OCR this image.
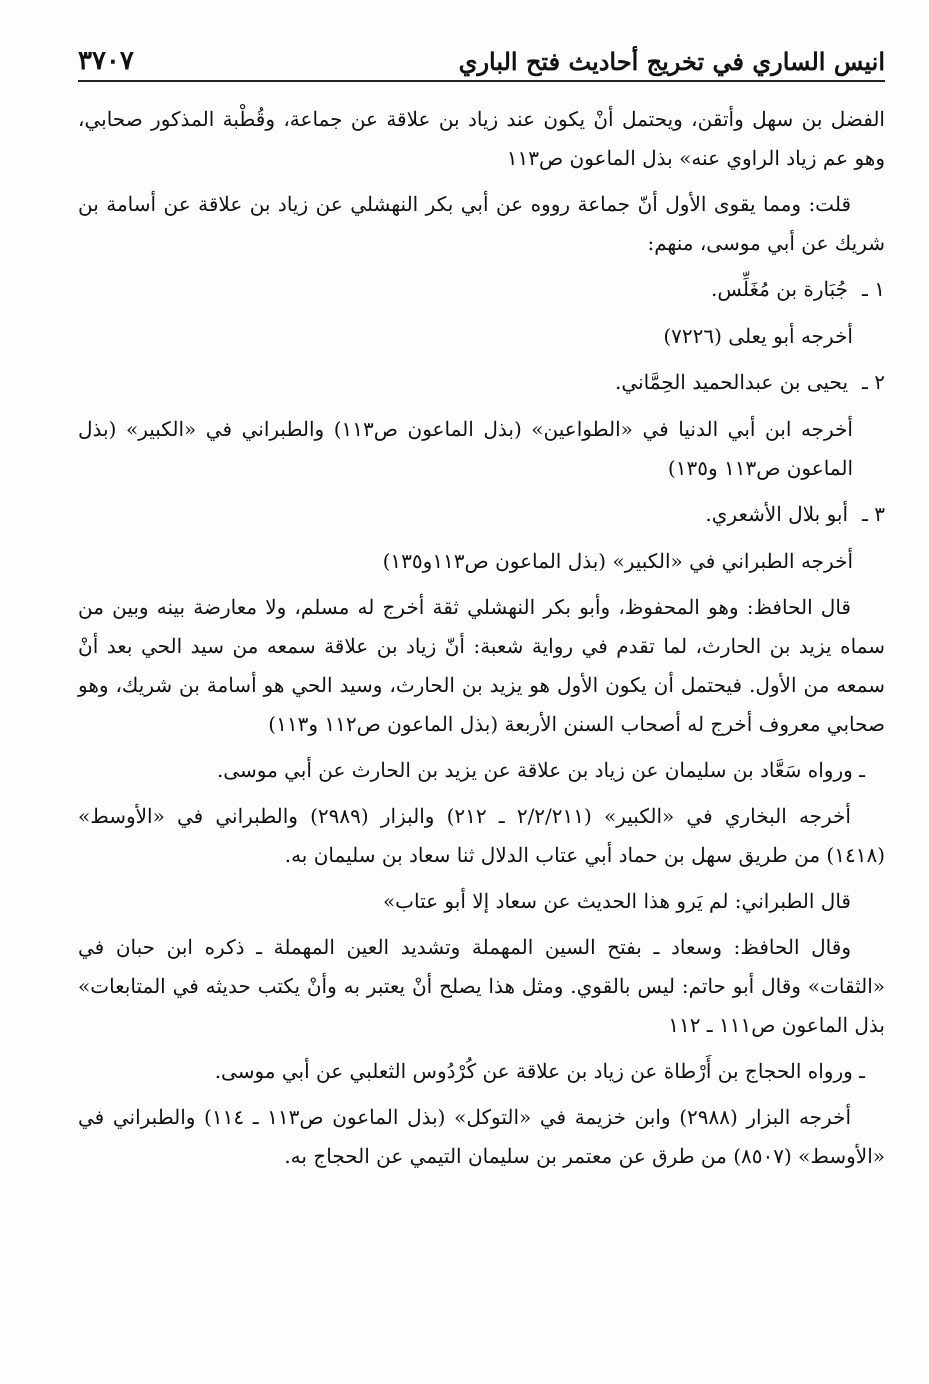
٣٧٠٧	انيس الساري في تخريج أحاديث فتح الباري

الفضل بن سهل وأتقن، ويحتمل أنْ يكون عند زياد بن علاقة عن جماعة، وقُطْبة المذكور صحابي، وهو عم زياد الراوي عنه» بذل الماعون ص١١٣

قلت: ومما يقوى الأول أنّ جماعة رووه عن أبي بكر النهشلي عن زياد بن علاقة عن أسامة بن شريك عن أبي موسى، منهم:

١ ـ
جُبَارة بن مُغَلِّس.

أخرجه أبو يعلى (٧٢٢٦)

٢ ـ
يحيى بن عبدالحميد الحِمَّاني.

أخرجه ابن أبي الدنيا في «الطواعين» (بذل الماعون ص١١٣) والطبراني في «الكبير» (بذل الماعون ص١١٣ و١٣٥)

٣ ـ
أبو بلال الأشعري.

أخرجه الطبراني في «الكبير» (بذل الماعون ص١١٣و١٣٥)

قال الحافظ: وهو المحفوظ، وأبو بكر النهشلي ثقة أخرج له مسلم، ولا معارضة بينه وبين من سماه يزيد بن الحارث، لما تقدم في رواية شعبة: أنّ زياد بن علاقة سمعه من سيد الحي بعد أنْ سمعه من الأول. فيحتمل أن يكون الأول هو يزيد بن الحارث، وسيد الحي هو أسامة بن شريك، وهو صحابي معروف أخرج له أصحاب السنن الأربعة (بذل الماعون ص١١٢ و١١٣)

ـ ورواه سَعَّاد بن سليمان عن زياد بن علاقة عن يزيد بن الحارث عن أبي موسى.

أخرجه البخاري في «الكبير» (٢/٢/٢١١ ـ ٢١٢) والبزار (٢٩٨٩) والطبراني في «الأوسط» (١٤١٨) من طريق سهل بن حماد أبي عتاب الدلال ثنا سعاد بن سليمان به.

قال الطبراني: لم يَرو هذا الحديث عن سعاد إلا أبو عتاب»

وقال الحافظ: وسعاد ـ بفتح السين المهملة وتشديد العين المهملة ـ ذكره ابن حبان في «الثقات» وقال أبو حاتم: ليس بالقوي. ومثل هذا يصلح أنْ يعتبر به وأنْ يكتب حديثه في المتابعات» بذل الماعون ص١١١ ـ ١١٢

ـ ورواه الحجاج بن أَرْطاة عن زياد بن علاقة عن كُرْدُوس الثعلبي عن أبي موسى.

أخرجه البزار (٢٩٨٨) وابن خزيمة في «التوكل» (بذل الماعون ص١١٣ ـ ١١٤) والطبراني في «الأوسط» (٨٥٠٧) من طرق عن معتمر بن سليمان التيمي عن الحجاج به.
